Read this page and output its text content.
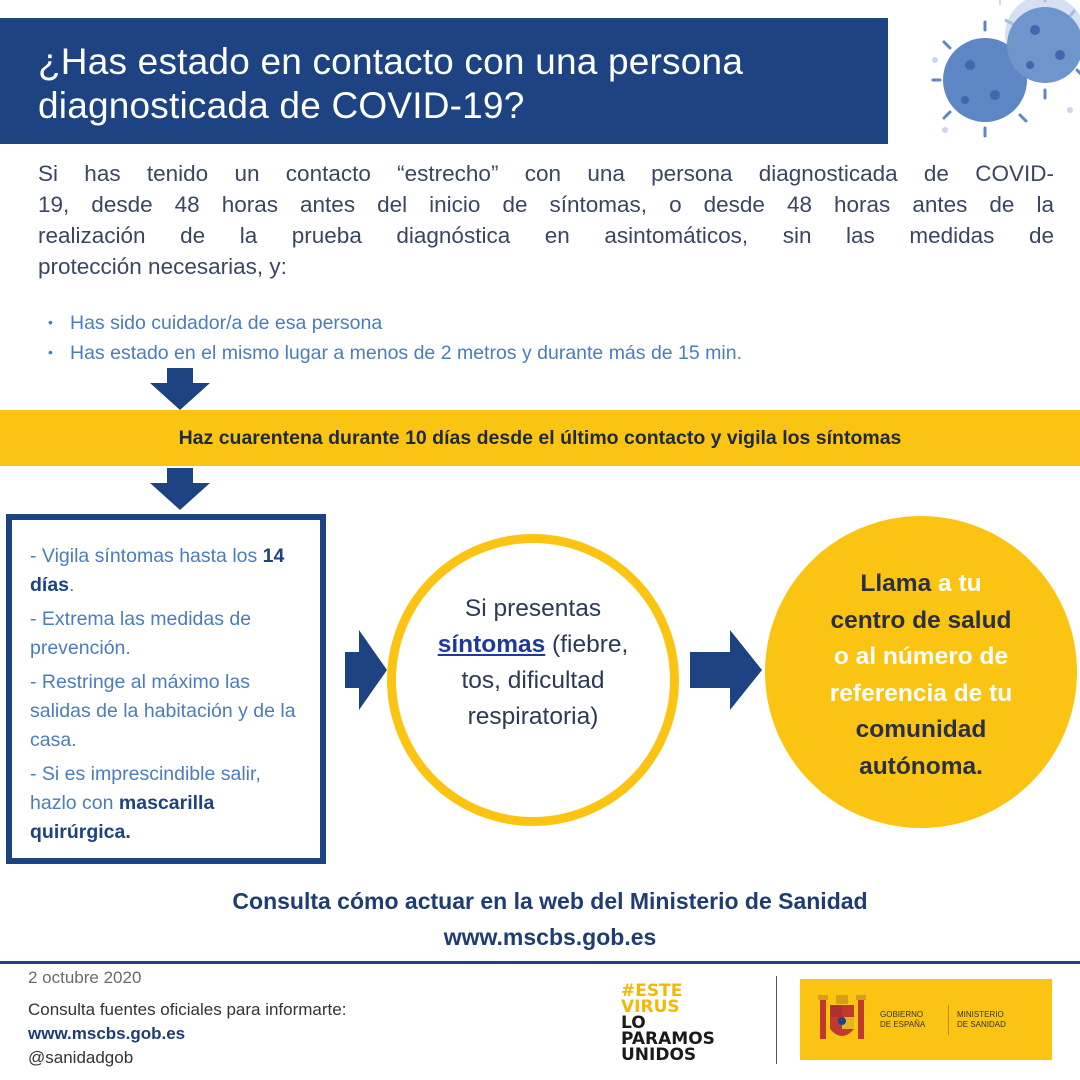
¿Has estado en contacto con una persona
diagnosticada de COVID-19?
Si has tenido un contacto “estrecho” con una persona diagnosticada de COVID-
19, desde 48 horas antes del inicio de síntomas, o desde 48 horas antes de la
realización de la prueba diagnóstica en asintomáticos, sin las medidas de
protección necesarias, y:
• Has sido cuidador/a de esa persona
• Has estado en el mismo lugar a menos de 2 metros y durante más de 15 min.
Haz cuarentena durante 10 días desde el último contacto y vigila los síntomas
- Vigila síntomas hasta los 14 días.
- Extrema las medidas de prevención.
- Restringe al máximo las salidas de la habitación y de la casa.
- Si es imprescindible salir, hazlo con mascarilla quirúrgica.
Si presentas
síntomas (fiebre,
tos, dificultad
respiratoria)
Llama a tu
centro de salud
o al número de
referencia de tu
comunidad
autónoma.
Consulta cómo actuar en la web del Ministerio de Sanidad
www.mscbs.gob.es
2 octubre 2020
Consulta fuentes oficiales para informarte:
www.mscbs.gob.es
@sanidadgob
#ESTE
VIRUS
LO
PARAMOS
UNIDOS
GOBIERNO
DE ESPAÑA
MINISTERIO
DE SANIDAD
